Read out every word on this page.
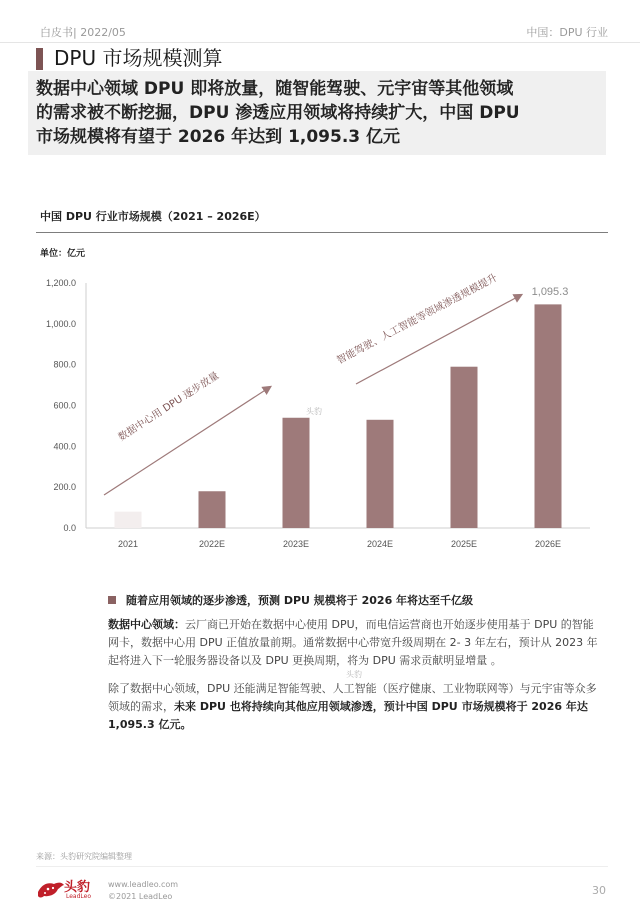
白皮书| 2022/05	中国：DPU 行业
DPU 市场规模测算

数据中心领域 DPU 即将放量，随智能驾驶、元宇宙等其他领域

的需求被不断挖掘，DPU 渗透应用领域将持续扩大，中国 DPU

市场规模将有望于 2026 年达到 1,095.3 亿元

中国 DPU 行业市场规模（2021 – 2026E）
单位：亿元
0.0
200.0
400.0
600.0
800.0
1,000.0
1,200.0
2021	2022E	2023E	2024E	2025E	2026E
1,095.3
数据中心用 DPU 逐步放量
智能驾驶、人工智能等领域渗透规模提升
头豹
随着应用领域的逐步渗透，预测 DPU 规模将于 2026 年将达至千亿级
数据中心领域：云厂商已开始在数据中心使用 DPU，而电信运营商也开始逐步使用基于 DPU 的智能网卡，数据中心用 DPU 正值放量前期。通常数据中心带宽升级周期在 2- 3 年左右，预计从 2023 年起将进入下一轮服务器设备以及 DPU 更换周期，将为 DPU 需求贡献明显增量 。
头豹
除了数据中心领域，DPU 还能满足智能驾驶、人工智能（医疗健康、工业物联网等）与元宇宙等众多领域的需求，未来 DPU 也将持续向其他应用领域渗透，预计中国 DPU 市场规模将于 2026 年达 1,095.3 亿元。
来源：头豹研究院编辑整理
头豹
LeadLeo
www.leadleo.com
©2021 LeadLeo	30
